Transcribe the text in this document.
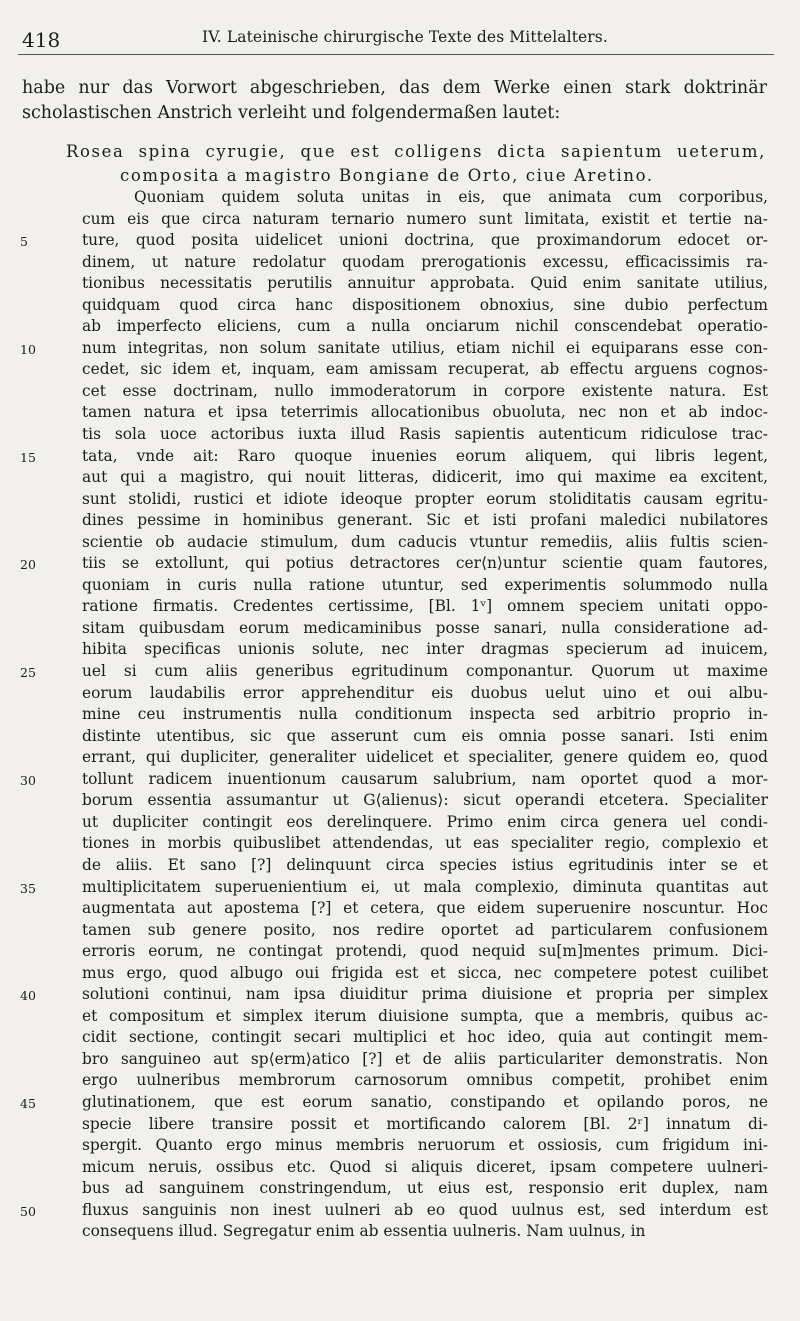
418	IV. Lateinische chirurgische Texte des Mittelalters.
habe nur das Vorwort abgeschrieben, das dem Werke einen stark doktrinär
scholastischen Anstrich verleiht und folgendermaßen lautet:
Rosea spina cyrugie, que est colligens dicta sapientum ueterum,
composita a magistro Bongiane de Orto, ciue Aretino.
Quoniam quidem soluta unitas in eis, que animata cum corporibus,
cum eis que circa naturam ternario numero sunt limitata, existit et tertie na-
5	ture, quod posita uidelicet unioni doctrina, que proximandorum edocet or-
dinem, ut nature redolatur quodam prerogationis excessu, efficacissimis ra-
tionibus necessitatis perutilis annuitur approbata. Quid enim sanitate utilius,
quidquam quod circa hanc dispositionem obnoxius, sine dubio perfectum
ab imperfecto eliciens, cum a nulla onciarum nichil conscendebat operatio-
10	num integritas, non solum sanitate utilius, etiam nichil ei equiparans esse con-
cedet, sic idem et, inquam, eam amissam recuperat, ab effectu arguens cognos-
cet esse doctrinam, nullo immoderatorum in corpore existente natura. Est
tamen natura et ipsa teterrimis allocationibus obuoluta, nec non et ab indoc-
tis sola uoce actoribus iuxta illud Rasis sapientis autenticum ridiculose trac-
15	tata, vnde ait: Raro quoque inuenies eorum aliquem, qui libris legent,
aut qui a magistro, qui nouit litteras, didicerit, imo qui maxime ea excitent,
sunt stolidi, rustici et idiote ideoque propter eorum stoliditatis causam egritu-
dines pessime in hominibus generant. Sic et isti profani maledici nubilatores
scientie ob audacie stimulum, dum caducis vtuntur remediis, aliis fultis scien-
20	tiis se extollunt, qui potius detractores cer⟨n⟩untur scientie quam fautores,
quoniam in curis nulla ratione utuntur, sed experimentis solummodo nulla
ratione firmatis. Credentes certissime, [Bl. 1ᵛ] omnem speciem unitati oppo-
sitam quibusdam eorum medicaminibus posse sanari, nulla consideratione ad-
hibita specificas unionis solute, nec inter dragmas specierum ad inuicem,
25	uel si cum aliis generibus egritudinum componantur. Quorum ut maxime
eorum laudabilis error apprehenditur eis duobus uelut uino et oui albu-
mine ceu instrumentis nulla conditionum inspecta sed arbitrio proprio in-
distinte utentibus, sic que asserunt cum eis omnia posse sanari. Isti enim
errant, qui dupliciter, generaliter uidelicet et specialiter, genere quidem eo, quod
30	tollunt radicem inuentionum causarum salubrium, nam oportet quod a mor-
borum essentia assumantur ut G⟨alienus⟩: sicut operandi etcetera. Specialiter
ut dupliciter contingit eos derelinquere. Primo enim circa genera uel condi-
tiones in morbis quibuslibet attendendas, ut eas specialiter regio, complexio et
de aliis. Et sano [?] delinquunt circa species istius egritudinis inter se et
35	multiplicitatem superuenientium ei, ut mala complexio, diminuta quantitas aut
augmentata aut apostema [?] et cetera, que eidem superuenire noscuntur. Hoc
tamen sub genere posito, nos redire oportet ad particularem confusionem
erroris eorum, ne contingat protendi, quod nequid su[m]mentes primum. Dici-
mus ergo, quod albugo oui frigida est et sicca, nec competere potest cuilibet
40	solutioni continui, nam ipsa diuiditur prima diuisione et propria per simplex
et compositum et simplex iterum diuisione sumpta, que a membris, quibus ac-
cidit sectione, contingit secari multiplici et hoc ideo, quia aut contingit mem-
bro sanguineo aut sp⟨erm⟩atico [?] et de aliis particulariter demonstratis. Non
ergo uulneribus membrorum carnosorum omnibus competit, prohibet enim
45	glutinationem, que est eorum sanatio, constipando et opilando poros, ne
specie libere transire possit et mortificando calorem [Bl. 2ʳ] innatum di-
spergit. Quanto ergo minus membris neruorum et ossiosis, cum frigidum ini-
micum neruis, ossibus etc. Quod si aliquis diceret, ipsam competere uulneri-
bus ad sanguinem constringendum, ut eius est, responsio erit duplex, nam
50	fluxus sanguinis non inest uulneri ab eo quod uulnus est, sed interdum est
consequens illud. Segregatur enim ab essentia uulneris. Nam uulnus, in
